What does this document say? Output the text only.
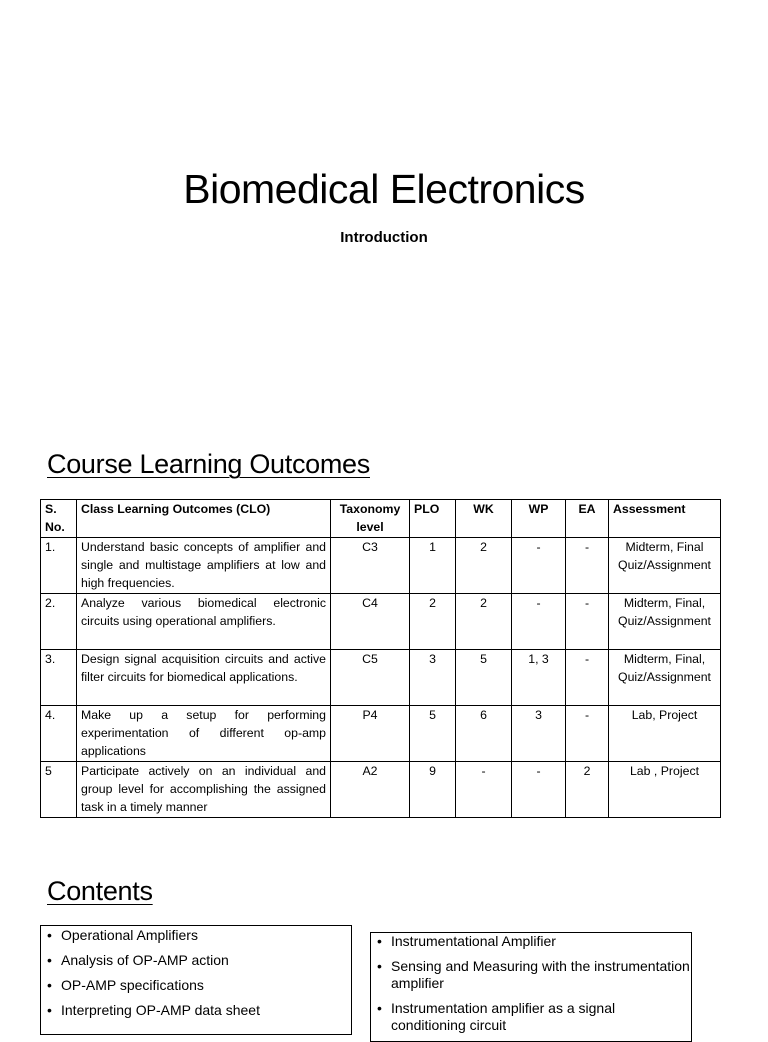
Biomedical Electronics
Introduction
Course Learning Outcomes
S. No.	Class Learning Outcomes (CLO)	Taxonomy level	PLO	WK	WP	EA	Assessment
1.	Understand basic concepts of amplifier and single and multistage amplifiers at low and high frequencies.	C3	1	2	-	-	Midterm, Final Quiz/Assignment
2.	Analyze various biomedical electronic circuits using operational amplifiers.	C4	2	2	-	-	Midterm, Final, Quiz/Assignment
3.	Design signal acquisition circuits and active filter circuits for biomedical applications.	C5	3	5	1, 3	-	Midterm, Final, Quiz/Assignment
4.	Make up a setup for performing experimentation of different op-amp applications	P4	5	6	3	-	Lab, Project
5	Participate actively on an individual and group level for accomplishing the assigned task in a timely manner	A2	9	-	-	2	Lab , Project
Contents
• Operational Amplifiers
• Analysis of OP-AMP action
• OP-AMP specifications
• Interpreting OP-AMP data sheet
• Instrumentational Amplifier
• Sensing and Measuring with the instrumentation amplifier
• Instrumentation amplifier as a signal conditioning circuit
